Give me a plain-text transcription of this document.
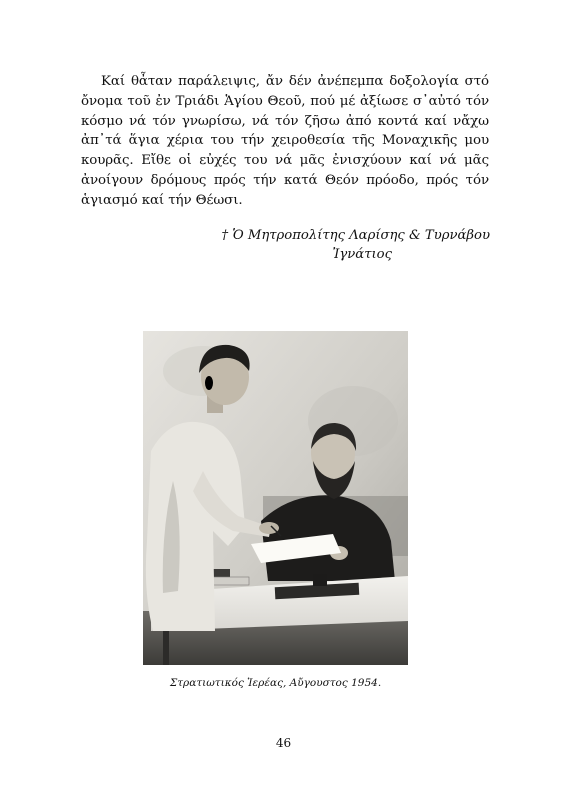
Καί θἆταν παράλειψις, ἄν δέν ἀνέπεμπα δοξολογία στό ὄνομα τοῦ ἐν Τριάδι Ἁγίου Θεοῦ, πού μέ ἀξίωσε σ᾽αὐτό τόν κόσμο νά τόν γνωρίσω, νά τόν ζῆσω ἀπό κοντά καί νἄχω ἀπ᾽τά ἅγια χέρια του τήν χειροθεσία τῆς Μοναχικῆς μου κουρᾶς. Εἴθε οἱ εὐχές του νά μᾶς ἐνισχύουν καί νά μᾶς ἀνοίγουν δρόμους πρός τήν κατά Θεόν πρόοδο, πρός τόν ἁγιασμό καί τήν Θέωσι.

† Ὁ Μητροπολίτης Λαρίσης & Τυρνάβου
Ἰγνάτιος
Στρατιωτικός Ἱερέας, Αὔγουστος 1954.
46
